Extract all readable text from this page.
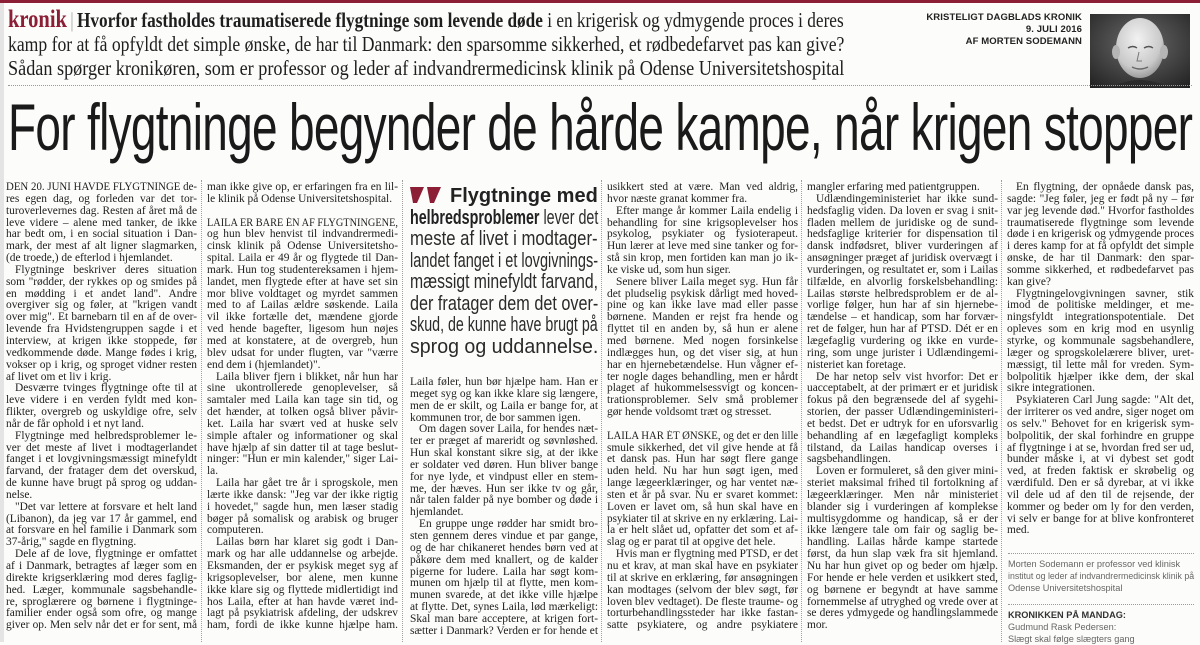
kronik | Hvorfor fastholdes traumatiserede flygtninge som levende døde i en krigerisk og ydmygende proces i deres
kamp for at få opfyldt det simple ønske, de har til Danmark: den sparsomme sikkerhed, et rødbedefarvet pas kan give?
Sådan spørger kronikøren, som er professor og leder af indvandrermedicinsk klinik på Odense Universitetshospital
KRISTELIGT DAGBLADS KRONIK
9. JULI 2016
AF MORTEN SODEMANN
For flygtninge begynder de hårde kampe, når krigen stopper
DEN 20. JUNI HAVDE FLYGTNINGE de-
res egen dag, og forleden var det tor-
turoverlevernes dag. Resten af året må de
leve videre – alene med tanker, de ikke
har bedt om, i en social situation i Dan-
mark, der mest af alt ligner slagmarken,
(de troede,) de efterlod i hjemlandet.
Flygtninge beskriver deres situation
som "rødder, der rykkes op og smides på
en mødding i et andet land". Andre
overgiver sig og føler, at "krigen vandt
over mig". Et barnebarn til en af de over-
levende fra Hvidstengruppen sagde i et
interview, at krigen ikke stoppede, før
vedkommende døde. Mange fødes i krig,
vokser op i krig, og sproget vidner resten
af livet om et liv i krig.
Desværre tvinges flygtninge ofte til at
leve videre i en verden fyldt med kon-
flikter, overgreb og uskyldige ofre, selv
når de får ophold i et nyt land.
Flygtninge med helbredsproblemer le-
ver det meste af livet i modtagerlandet
fanget i et lovgivningsmæssigt minefyldt
farvand, der fratager dem det overskud,
de kunne have brugt på sprog og uddan-
nelse.
"Det var lettere at forsvare et helt land
(Libanon), da jeg var 17 år gammel, end
at forsvare en hel familie i Danmark som
37-årig," sagde en flygtning.
Dele af de love, flygtninge er omfattet
af i Danmark, betragtes af læger som en
direkte krigserklæring mod deres faglig-
hed. Læger, kommunale sagsbehandle-
re, sproglærere og børnene i flygtninge-
familier ender også som ofre, og mange
giver op. Men selv når det er for sent, må
man ikke give op, er erfaringen fra en lil-
le klinik på Odense Universitetshospital.
LAILA ER BARE ÉN AF FLYGTNINGENE,
og hun blev henvist til indvandrermedi-
cinsk klinik på Odense Universitetsho-
spital. Laila er 49 år og flygtede til Dan-
mark. Hun tog studentereksamen i hjem-
landet, men flygtede efter at have set sin
mor blive voldtaget og myrdet sammen
med to af Lailas ældre søskende. Laila
vil ikke fortælle det, mændene gjorde
ved hende bagefter, ligesom hun nøjes
med at konstatere, at de overgreb, hun
blev udsat for under flugten, var "værre
end dem i (hjemlandet)".
Laila bliver fjern i blikket, når hun har
sine ukontrollerede genoplevelser, så
samtaler med Laila kan tage sin tid, og
det hænder, at tolken også bliver påvir-
ket. Laila har svært ved at huske selv
simple aftaler og informationer og skal
have hjælp af sin datter til at tage beslut-
ninger: "Hun er min kalender," siger Lai-
la.
Laila har gået tre år i sprogskole, men
lærte ikke dansk: "Jeg var der ikke rigtig
i hovedet," sagde hun, men læser stadig
bøger på somalisk og arabisk og bruger
computeren.
Lailas børn har klaret sig godt i Dan-
mark og har alle uddannelse og arbejde.
Eksmanden, der er psykisk meget syg af
krigsoplevelser, bor alene, men kunne
ikke klare sig og flyttede midlertidigt ind
hos Laila, efter at han havde været ind-
lagt på psykiatrisk afdeling, der udskrev
ham, fordi de ikke kunne hjælpe ham.
Flygtninge med
helbredsproblemer lever det
meste af livet i modtager-
landet fanget i et lovgivnings-
mæssigt minefyldt farvand,
der fratager dem det over-
skud, de kunne have brugt på
sprog og uddannelse.
Laila føler, hun bør hjælpe ham. Han er
meget syg og kan ikke klare sig længere,
men de er skilt, og Laila er bange for, at
kommunen tror, de bor sammen igen.
Om dagen sover Laila, for hendes næt-
ter er præget af mareridt og søvnløshed.
Hun skal konstant sikre sig, at der ikke
er soldater ved døren. Hun bliver bange
for nye lyde, et vindpust eller en stem-
me, der hæves. Hun ser ikke tv og går,
når talen falder på nye bomber og døde i
hjemlandet.
En gruppe unge rødder har smidt bro-
sten gennem deres vindue et par gange,
og de har chikaneret hendes børn ved at
påkøre dem med knallert, og de kalder
pigerne for ludere. Laila har søgt kom-
munen om hjælp til at flytte, men kom-
munen svarede, at det ikke ville hjælpe
at flytte. Det, synes Laila, lød mærkeligt:
Skal man bare acceptere, at krigen fort-
sætter i Danmark? Verden er for hende et
usikkert sted at være. Man ved aldrig,
hvor næste granat kommer fra.
Efter mange år kommer Laila endelig i
behandling for sine krigsoplevelser hos
psykolog, psykiater og fysioterapeut.
Hun lærer at leve med sine tanker og for-
stå sin krop, men fortiden kan man jo ik-
ke viske ud, som hun siger.
Senere bliver Laila meget syg. Hun får
det pludselig psykisk dårligt med hoved-
pine og kan ikke lave mad eller passe
børnene. Manden er rejst fra hende og
flyttet til en anden by, så hun er alene
med børnene. Med nogen forsinkelse
indlægges hun, og det viser sig, at hun
har en hjernebetændelse. Hun vågner ef-
ter nogle dages behandling, men er hårdt
plaget af hukommelsessvigt og koncen-
trationsproblemer. Selv små problemer
gør hende voldsomt træt og stresset.
LAILA HAR ÉT ØNSKE, og det er den lille
smule sikkerhed, det vil give hende at få
et dansk pas. Hun har søgt flere gange
uden held. Nu har hun søgt igen, med
lange lægeerklæringer, og har ventet næ-
sten et år på svar. Nu er svaret kommet:
Loven er lavet om, så hun skal have en
psykiater til at skrive en ny erklæring. Lai-
la er helt slået ud, opfatter det som et af-
slag og er parat til at opgive det hele.
Hvis man er flygtning med PTSD, er det
nu et krav, at man skal have en psykiater
til at skrive en erklæring, før ansøgningen
kan modtages (selvom der blev søgt, før
loven blev vedtaget). De fleste traume- og
torturbehandlingssteder har ikke fastan-
satte psykiatere, og andre psykiatere
mangler erfaring med patientgruppen.
Udlændingeministeriet har ikke sund-
hedsfaglig viden. Da loven er svag i snit-
fladen mellem de juridiske og de sund-
hedsfaglige kriterier for dispensation til
dansk indfødsret, bliver vurderingen af
ansøgninger præget af juridisk overvægt i
vurderingen, og resultatet er, som i Lailas
tilfælde, en alvorlig forskelsbehandling:
Lailas største helbredsproblem er de al-
vorlige følger, hun har af sin hjernebe-
tændelse – et handicap, som har forvær-
ret de følger, hun har af PTSD. Dét er en
lægefaglig vurdering og ikke en vurde-
ring, som unge jurister i Udlændingemi-
nisteriet kan foretage.
De har netop selv vist hvorfor: Det er
uacceptabelt, at der primært er et juridisk
fokus på den begrænsede del af sygehi-
storien, der passer Udlændingeministeri-
et bedst. Det er udtryk for en uforsvarlig
behandling af en lægefagligt kompleks
tilstand, da Lailas handicap overses i
sagsbehandlingen.
Loven er formuleret, så den giver mini-
steriet maksimal frihed til fortolkning af
lægeerklæringer. Men når ministeriet
blander sig i vurderingen af komplekse
multisygdomme og handicap, så er der
ikke længere tale om fair og saglig be-
handling. Lailas hårde kampe startede
først, da hun slap væk fra sit hjemland.
Nu har hun givet op og beder om hjælp.
For hende er hele verden et usikkert sted,
og børnene er begyndt at have samme
fornemmelse af utryghed og vrede over at
se deres ydmygede og handlingslammede
mor.
En flygtning, der opnåede dansk pas,
sagde: "Jeg føler, jeg er født på ny – før
var jeg levende død." Hvorfor fastholdes
traumatiserede flygtninge som levende
døde i en krigerisk og ydmygende proces
i deres kamp for at få opfyldt det simple
ønske, de har til Danmark: den spar-
somme sikkerhed, et rødbedefarvet pas
kan give?
Flygtningelovgivningen savner, stik
imod de politiske meldinger, et me-
ningsfyldt integrationspotentiale. Det
opleves som en krig mod en usynlig
styrke, og kommunale sagsbehandlere,
læger og sprogskolelærere bliver, uret-
mæssigt, til lette mål for vreden. Sym-
bolpolitik hjælper ikke dem, der skal
sikre integrationen.
Psykiateren Carl Jung sagde: "Alt det,
der irriterer os ved andre, siger noget om
os selv." Behovet for en krigerisk sym-
bolpolitik, der skal forhindre en gruppe
af flygtninge i at se, hvordan fred ser ud,
bunder måske i, at vi dybest set godt
ved, at freden faktisk er skrøbelig og
værdifuld. Den er så dyrebar, at vi ikke
vil dele ud af den til de rejsende, der
kommer og beder om ly for den verden,
vi selv er bange for at blive konfronteret
med.
Morten Sodemann er professor ved klinisk
institut og leder af indvandrermedicinsk klinik på
Odense Universitetshospital
KRONIKKEN PÅ MANDAG:
Gudmund Rask Pedersen:
Slægt skal følge slægters gang
